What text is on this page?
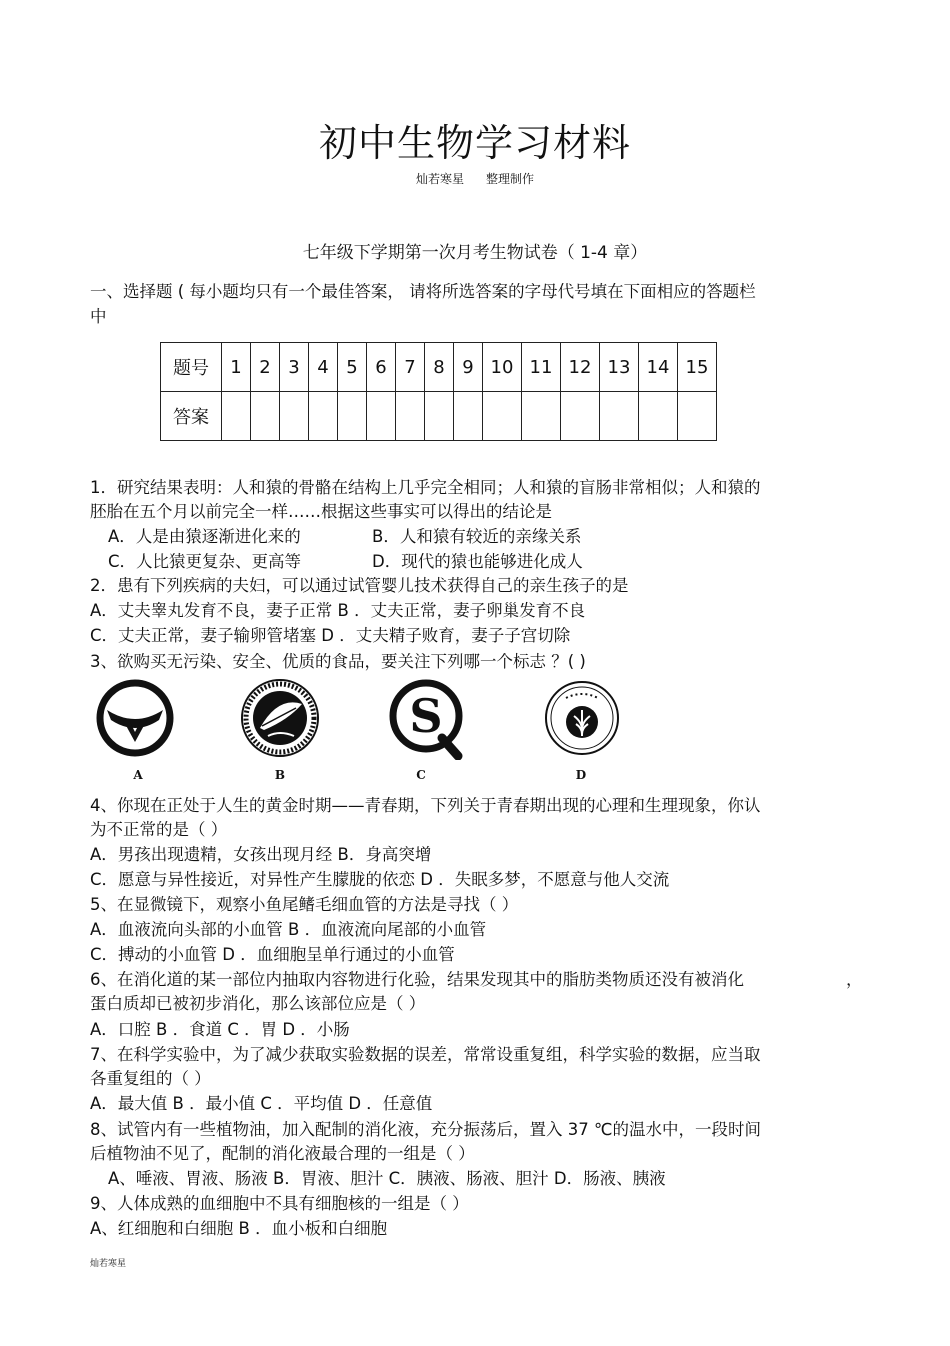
初中生物学习材料
灿若寒星 整理制作
七年级下学期第一次月考生物试卷（ 1-4 章）
一、选择题 ( 每小题均只有一个最佳答案， 请将所选答案的字母代号填在下面相应的答题栏
中
题号	1	2	3	4	5	6	7	8	9	10	11	12	13	14	15
答案															
1．研究结果表明：人和猿的骨骼在结构上几乎完全相同；人和猿的盲肠非常相似；人和猿的
胚胎在五个月以前完全一样……根据这些事实可以得出的结论是
A．人是由猿逐渐进化来的	B．人和猿有较近的亲缘关系
C．人比猿更复杂、更高等	D．现代的猿也能够进化成人
2．患有下列疾病的夫妇，可以通过试管婴儿技术获得自己的亲生孩子的是
A．丈夫睾丸发育不良，妻子正常 B ．丈夫正常，妻子卵巢发育不良
C．丈夫正常，妻子输卵管堵塞 D ．丈夫精子败育，妻子子宫切除
3、欲购买无污染、安全、优质的食品，要关注下列哪一个标志 ？( )
A	B
S
C	D
4、你现在正处于人生的黄金时期——青春期，下列关于青春期出现的心理和生理现象，你认
为不正常的是（ ）
A．男孩出现遗精，女孩出现月经 B．身高突增
C．愿意与异性接近，对异性产生朦胧的依恋 D ．失眠多梦，不愿意与他人交流
5、在显微镜下，观察小鱼尾鳍毛细血管的方法是寻找（ ）
A．血液流向头部的小血管 B ．血液流向尾部的小血管
C．搏动的小血管 D ．血细胞呈单行通过的小血管
6、在消化道的某一部位内抽取内容物进行化验，结果发现其中的脂肪类物质还没有被消化	，
蛋白质却已被初步消化，那么该部位应是（ ）
A．口腔 B ．食道 C ．胃 D ．小肠
7、在科学实验中，为了减少获取实验数据的误差，常常设重复组，科学实验的数据，应当取
各重复组的（ ）
A．最大值 B ．最小值 C ．平均值 D ．任意值
8、试管内有一些植物油，加入配制的消化液，充分振荡后，置入 37 ℃的温水中，一段时间
后植物油不见了，配制的消化液最合理的一组是（ ）
A、唾液、胃液、肠液 B．胃液、胆汁 C．胰液、肠液、胆汁 D．肠液、胰液
9、人体成熟的血细胞中不具有细胞核的一组是（ ）
A、红细胞和白细胞 B ．血小板和白细胞
灿若寒星
